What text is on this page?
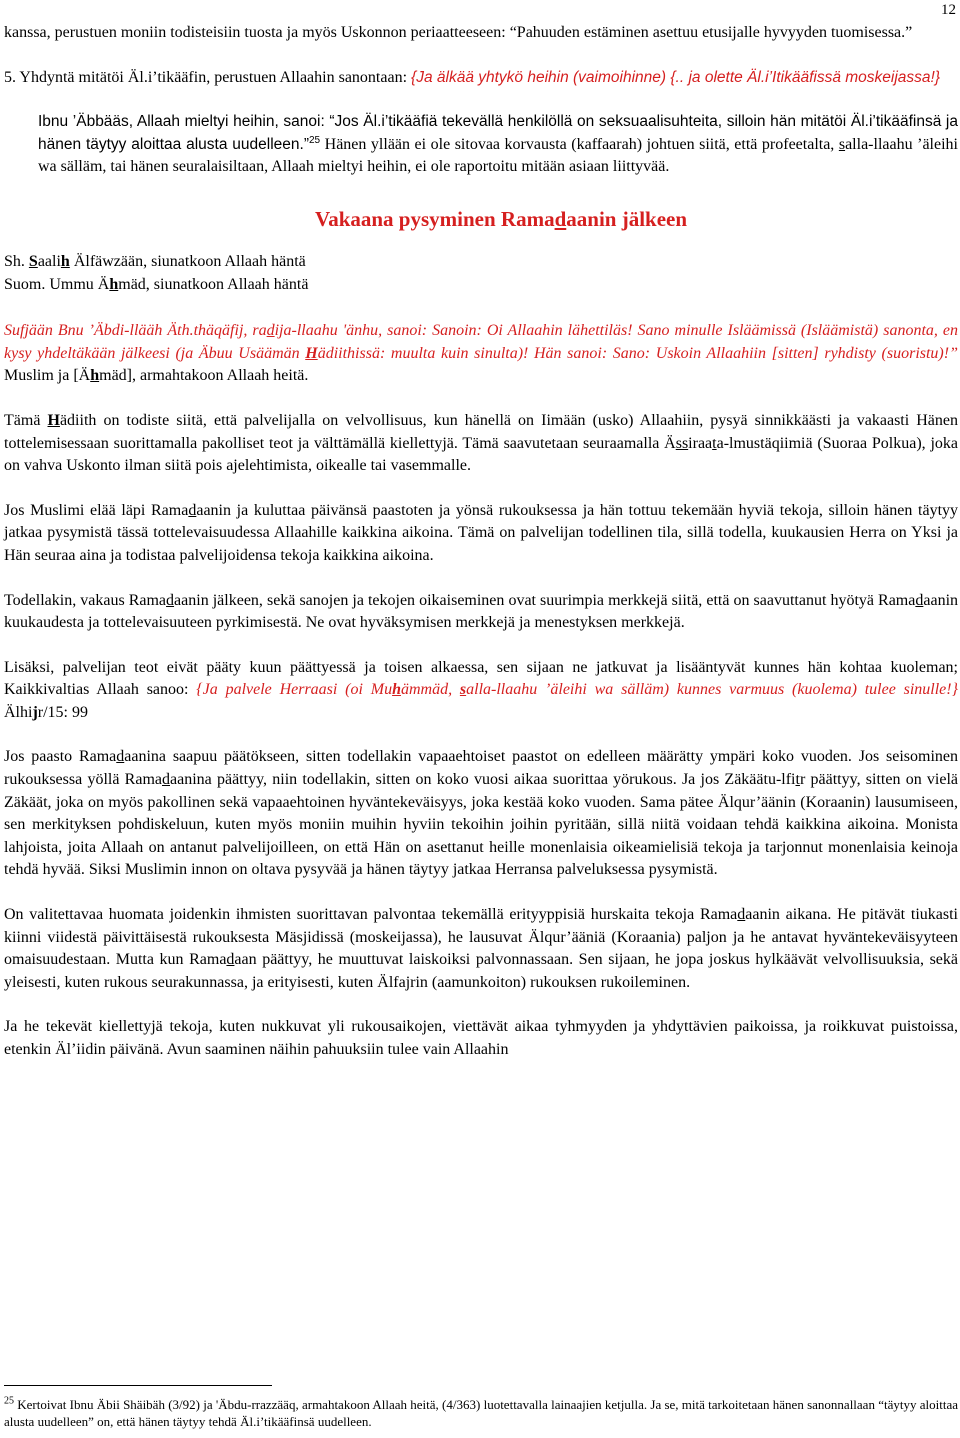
12

kanssa, perustuen moniin todisteisiin tuosta ja myös Uskonnon periaatteeseen: “Pahuuden estäminen asettuu etusijalle hyvyyden tuomisessa.”

5. Yhdyntä mitätöi Äl.i’tikääfin, perustuen Allaahin sanontaan: {Ja älkää yhtykö heihin (vaimoihinne) {.. ja olette Äl.i’Itikääfissä moskeijassa!}

Ibnu ’Äbbääs, Allaah mieltyi heihin, sanoi: “Jos Äl.i’tikääfiä tekevällä henkilöllä on seksuaalisuhteita, silloin hän mitätöi Äl.i’tikääfinsä ja hänen täytyy aloittaa alusta uudelleen.”$^{25}$ Hänen yllään ei ole sitovaa korvausta (kaffaarah) johtuen siitä, että profeetalta, salla-llaahu ’äleihi wa sälläm, tai hänen seuralaisiltaan, Allaah mieltyi heihin, ei ole raportoitu mitään asiaan liittyvää.

Vakaana pysyminen Ramadaanin jälkeen

Sh. Saalih Älfäwzään, siunatkoon Allaah häntä

Suom. Ummu Ähmäd, siunatkoon Allaah häntä

Sufjään Bnu ’Äbdi-llääh Äth.thäqäfij, radija-llaahu 'änhu, sanoi: Sanoin: Oi Allaahin lähettiläs! Sano minulle Isläämissä (Isläämistä) sanonta, en kysy yhdeltäkään jälkeesi (ja Äbuu Usäämän Hädiithissä: muulta kuin sinulta)! Hän sanoi: Sano: Uskoin Allaahiin [sitten] ryhdisty (suoristu)!” Muslim ja [Ähmäd], armahtakoon Allaah heitä.

Tämä Hädiith on todiste siitä, että palvelijalla on velvollisuus, kun hänellä on Iimään (usko) Allaahiin, pysyä sinnikkäästi ja vakaasti Hänen tottelemisessaan suorittamalla pakolliset teot ja välttämällä kiellettyjä. Tämä saavutetaan seuraamalla Ässiraata-lmustäqiimiä (Suoraa Polkua), joka on vahva Uskonto ilman siitä pois ajelehtimista, oikealle tai vasemmalle.

Jos Muslimi elää läpi Ramadaanin ja kuluttaa päivänsä paastoten ja yönsä rukouksessa ja hän tottuu tekemään hyviä tekoja, silloin hänen täytyy jatkaa pysymistä tässä tottelevaisuudessa Allaahille kaikkina aikoina. Tämä on palvelijan todellinen tila, sillä todella, kuukausien Herra on Yksi ja Hän seuraa aina ja todistaa palvelijoidensa tekoja kaikkina aikoina.

Todellakin, vakaus Ramadaanin jälkeen, sekä sanojen ja tekojen oikaiseminen ovat suurimpia merkkejä siitä, että on saavuttanut hyötyä Ramadaanin kuukaudesta ja tottelevaisuuteen pyrkimisestä. Ne ovat hyväksymisen merkkejä ja menestyksen merkkejä.

Lisäksi, palvelijan teot eivät pääty kuun päättyessä ja toisen alkaessa, sen sijaan ne jatkuvat ja lisääntyvät kunnes hän kohtaa kuoleman; Kaikkivaltias Allaah sanoo: {Ja palvele Herraasi (oi Muhämmäd, salla-llaahu ’äleihi wa sälläm) kunnes varmuus (kuolema) tulee sinulle!} Älhijr/15: 99

Jos paasto Ramadaanina saapuu päätökseen, sitten todellakin vapaaehtoiset paastot on edelleen määrätty ympäri koko vuoden. Jos seisominen rukouksessa yöllä Ramadaanina päättyy, niin todellakin, sitten on koko vuosi aikaa suorittaa yörukous. Ja jos Zäkäätu-lfitr päättyy, sitten on vielä Zäkäät, joka on myös pakollinen sekä vapaaehtoinen hyväntekeväisyys, joka kestää koko vuoden. Sama pätee Älqur’äänin (Koraanin) lausumiseen, sen merkityksen pohdiskeluun, kuten myös moniin muihin hyviin tekoihin joihin pyritään, sillä niitä voidaan tehdä kaikkina aikoina. Monista lahjoista, joita Allaah on antanut palvelijoilleen, on että Hän on asettanut heille monenlaisia oikeamielisiä tekoja ja tarjonnut monenlaisia keinoja tehdä hyvää. Siksi Muslimin innon on oltava pysyvää ja hänen täytyy jatkaa Herransa palveluksessa pysymistä.

On valitettavaa huomata joidenkin ihmisten suorittavan palvontaa tekemällä erityyppisiä hurskaita tekoja Ramadaanin aikana. He pitävät tiukasti kiinni viidestä päivittäisestä rukouksesta Mäsjidissä (moskeijassa), he lausuvat Älqur’ääniä (Koraania) paljon ja he antavat hyväntekeväisyyteen omaisuudestaan. Mutta kun Ramadaan päättyy, he muuttuvat laiskoiksi palvonnassaan. Sen sijaan, he jopa joskus hylkäävät velvollisuuksia, sekä yleisesti, kuten rukous seurakunnassa, ja erityisesti, kuten Älfajrin (aamunkoiton) rukouksen rukoileminen.

Ja he tekevät kiellettyjä tekoja, kuten nukkuvat yli rukousaikojen, viettävät aikaa tyhmyyden ja yhdyttävien paikoissa, ja roikkuvat puistoissa, etenkin Äl’iidin päivänä. Avun saaminen näihin pahuuksiin tulee vain Allaahin

$^{25}$ Kertoivat Ibnu Äbii Shäibäh (3/92) ja 'Äbdu-rrazzääq, armahtakoon Allaah heitä, (4/363) luotettavalla lainaajien ketjulla. Ja se, mitä tarkoitetaan hänen sanonnallaan “täytyy aloittaa alusta uudelleen” on, että hänen täytyy tehdä Äl.i’tikääfinsä uudelleen.
